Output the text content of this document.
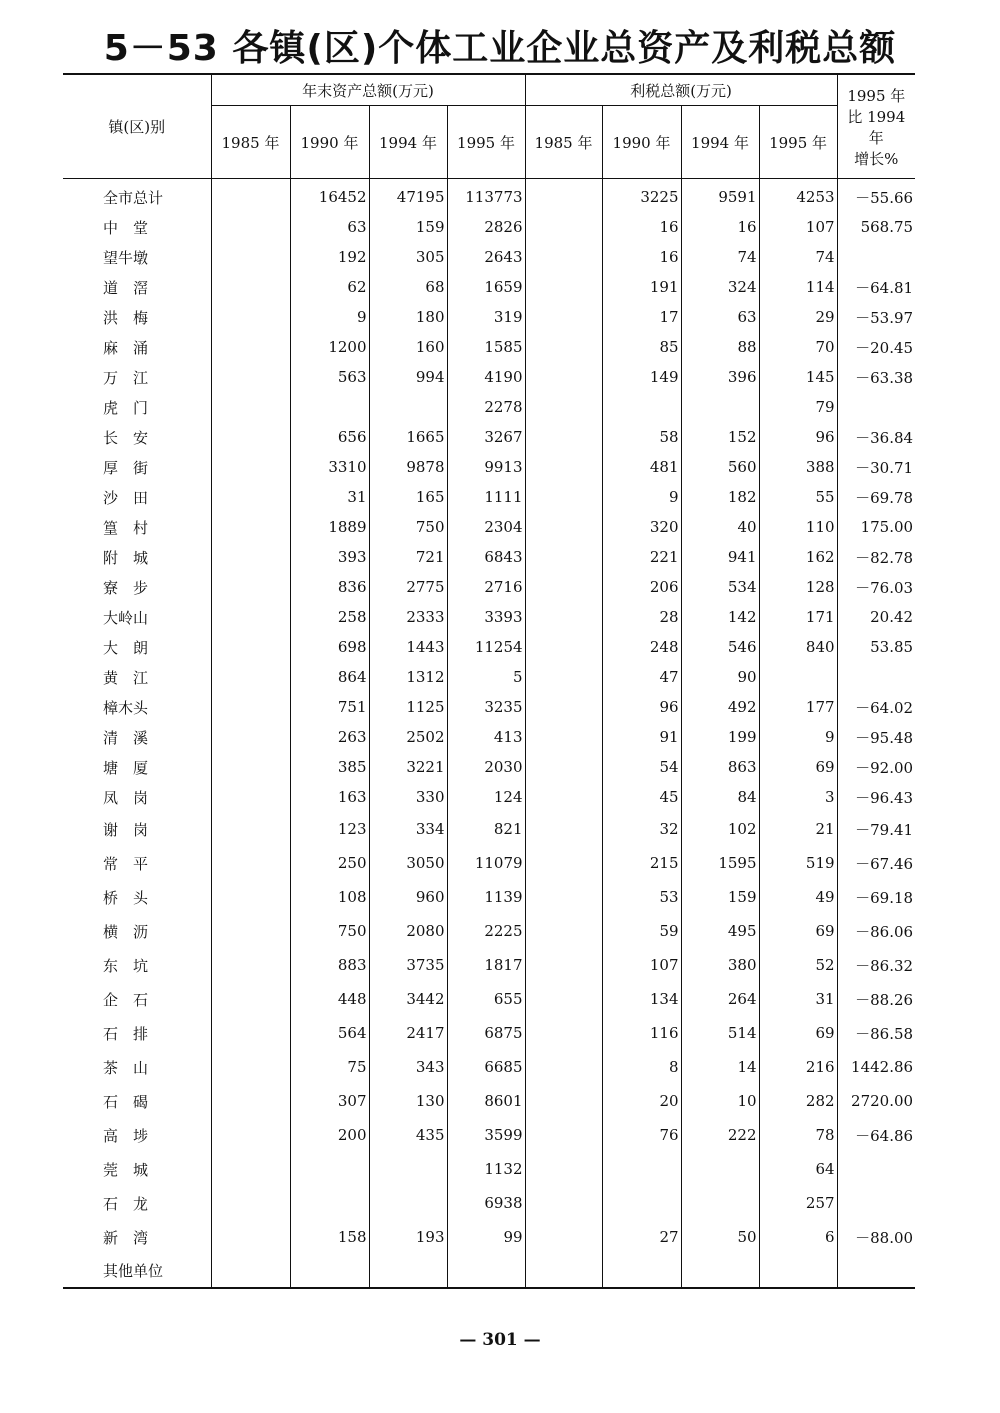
5－53 各镇(区)个体工业企业总资产及利税总额
镇(区)别	年末资产总额(万元)				利税总额(万元)				1995 年
比 1994 年
增长%

	1985 年	1990 年	1994 年	1995 年	1985 年	1990 年	1994 年	1995 年	
全市总计		16452	47195	113773		3225	9591	4253	－55.66
中　堂		63	159	2826		16	16	107	568.75
望牛墩		192	305	2643		16	74	74	
道　滘		62	68	1659		191	324	114	－64.81
洪　梅		9	180	319		17	63	29	－53.97
麻　涌		1200	160	1585		85	88	70	－20.45
万　江		563	994	4190		149	396	145	－63.38
虎　门				2278				79	
长　安		656	1665	3267		58	152	96	－36.84
厚　街		3310	9878	9913		481	560	388	－30.71
沙　田		31	165	1111		9	182	55	－69.78
篁　村		1889	750	2304		320	40	110	175.00
附　城		393	721	6843		221	941	162	－82.78
寮　步		836	2775	2716		206	534	128	－76.03
大岭山		258	2333	3393		28	142	171	20.42
大　朗		698	1443	11254		248	546	840	53.85
黄　江		864	1312	5		47	90		
樟木头		751	1125	3235		96	492	177	－64.02
清　溪		263	2502	413		91	199	9	－95.48
塘　厦		385	3221	2030		54	863	69	－92.00
凤　岗		163	330	124		45	84	3	－96.43
谢　岗		123	334	821		32	102	21	－79.41
常　平		250	3050	11079		215	1595	519	－67.46
桥　头		108	960	1139		53	159	49	－69.18
横　沥		750	2080	2225		59	495	69	－86.06
东　坑		883	3735	1817		107	380	52	－86.32
企　石		448	3442	655		134	264	31	－88.26
石　排		564	2417	6875		116	514	69	－86.58
茶　山		75	343	6685		8	14	216	1442.86
石　碣		307	130	8601		20	10	282	2720.00
高　埗		200	435	3599		76	222	78	－64.86
莞　城				1132				64	
石　龙				6938				257	
新　湾		158	193	99		27	50	6	－88.00
其他单位									
— 301 —
